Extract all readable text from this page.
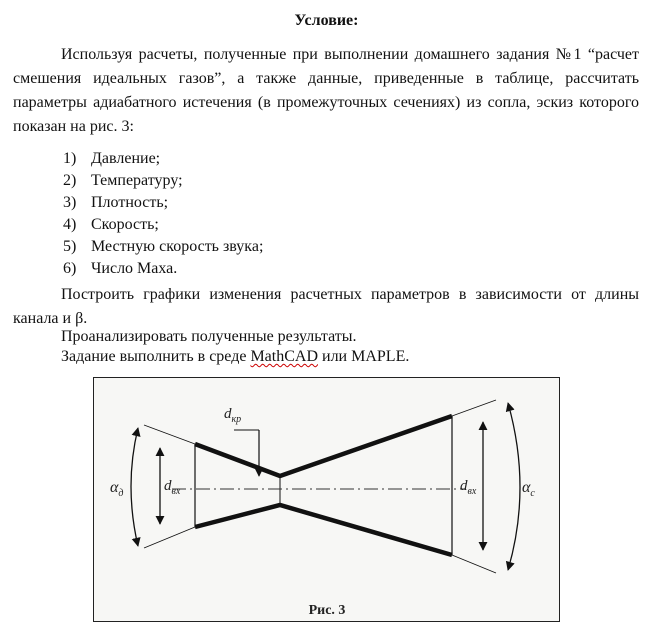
Условие:

Используя расчеты, полученные при выполнении домашнего задания №1 “расчет смешения идеальных газов”, а также данные, приведенные в таблице, рассчитать параметры адиабатного истечения (в промежуточных сечениях) из сопла, эскиз которого показан на рис. 3:

1) Давление;
2) Температуру;
3) Плотность;
4) Скорость;
5) Местную скорость звука;
6) Число Маха.

Построить графики изменения расчетных параметров в зависимости от длины канала и β.

Проанализировать полученные результаты.

Задание выполнить в среде MathCAD или MAPLE.

$\alpha_д$	$d_{вх}$
$d_{кр}$
$d_{вх}$	$\alpha_c$
Рис. 3
